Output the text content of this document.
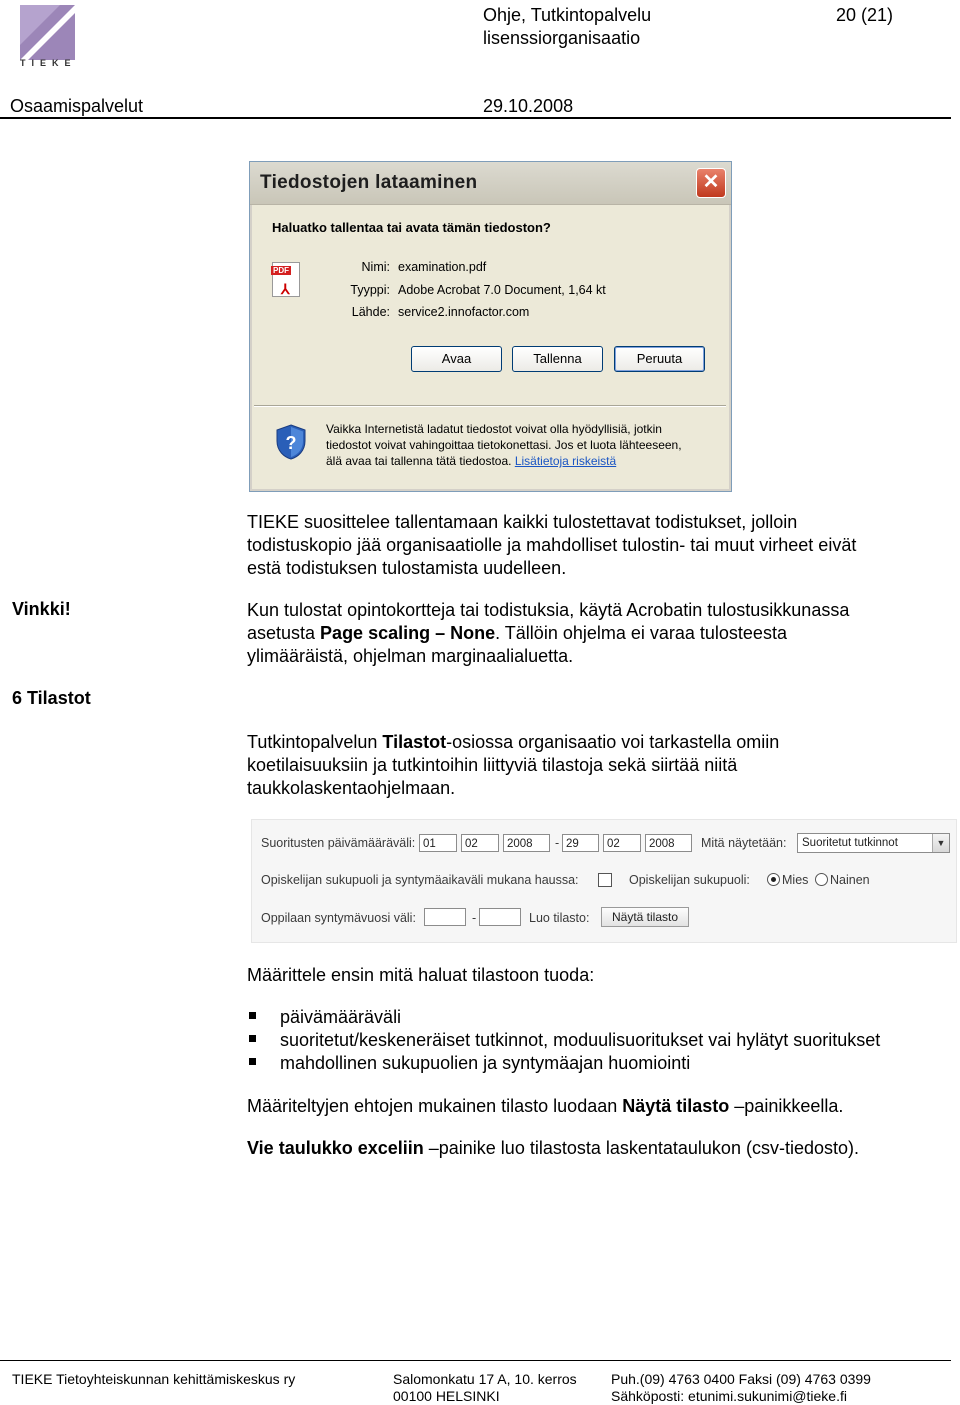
TIEKE
Ohje, Tutkintopalvelu
lisenssiorganisaatio
20 (21)
Osaamispalvelut	29.10.2008
Tiedostojen lataaminen	✕
Haluatko tallentaa tai avata tämän tiedoston?
PDF
⅄
Nimi: examination.pdf
Tyyppi: Adobe Acrobat 7.0 Document, 1,64 kt
Lähde: service2.innofactor.com
Avaa	Tallenna	Peruuta
?
Vaikka Internetistä ladatut tiedostot voivat olla hyödyllisiä, jotkin
tiedostot voivat vahingoittaa tietokonettasi. Jos et luota lähteeseen,
älä avaa tai tallenna tätä tiedostoa. Lisätietoja riskeistä
TIEKE suosittelee tallentamaan kaikki tulostettavat todistukset, jolloin
todistuskopio jää organisaatiolle ja mahdolliset tulostin- tai muut virheet eivät
estä todistuksen tulostamista uudelleen.
Vinkki!	Kun tulostat opintokortteja tai todistuksia, käytä Acrobatin tulostusikkunassa
asetusta Page scaling – None. Tällöin ohjelma ei varaa tulosteesta
ylimääräistä, ohjelman marginaalialuetta.
6 Tilastot
Tutkintopalvelun Tilastot-osiossa organisaatio voi tarkastella omiin
koetilaisuuksiin ja tutkintoihin liittyviä tilastoja sekä siirtää niitä
taukkolaskentaohjelmaan.
Suoritusten päivämääräväli: 01	02	2008	- 29	02	2008	Mitä näytetään:	Suoritetut tutkinnot	▼
Opiskelijan sukupuoli ja syntymäaikaväli mukana haussa:	Opiskelijan sukupuoli:	Mies Nainen
Oppilaan syntymävuosi väli:	-	Luo tilasto:	Näytä tilasto
Määrittele ensin mitä haluat tilastoon tuoda:
päivämääräväli
suoritetut/keskeneräiset tutkinnot, moduulisuoritukset vai hylätyt suoritukset
mahdollinen sukupuolien ja syntymäajan huomiointi
Määriteltyjen ehtojen mukainen tilasto luodaan Näytä tilasto –painikkeella.
Vie taulukko exceliin –painike luo tilastosta laskentataulukon (csv-tiedosto).
TIEKE Tietoyhteiskunnan kehittämiskeskus ry	Salomonkatu 17 A, 10. kerros
00100 HELSINKI
Puh.(09) 4763 0400 Faksi (09) 4763 0399
Sähköposti: etunimi.sukunimi@tieke.fi
